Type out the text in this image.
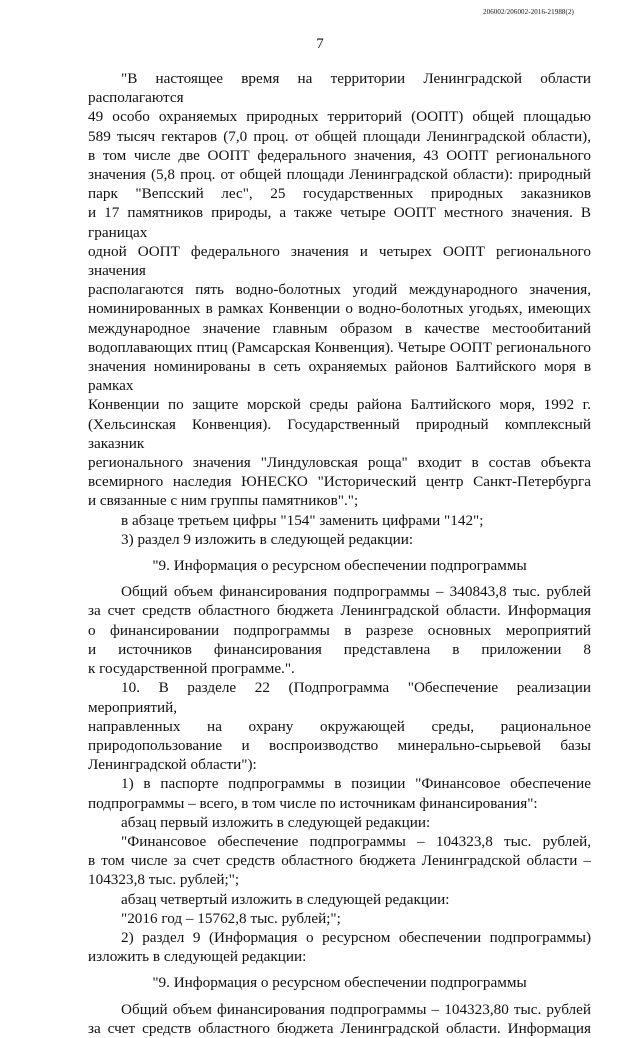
206002/206002-2016-21988(2)
7

"В настоящее время на территории Ленинградской области располагаются

49 особо охраняемых природных территорий (ООПТ) общей площадью

589 тысяч гектаров (7,0 проц. от общей площади Ленинградской области),

в том числе две ООПТ федерального значения, 43 ООПТ регионального

значения (5,8 проц. от общей площади Ленинградской области): природный

парк "Вепсский лес", 25 государственных природных заказников

и 17 памятников природы, а также четыре ООПТ местного значения. В границах

одной ООПТ федерального значения и четырех ООПТ регионального значения

располагаются пять водно-болотных угодий международного значения,

номинированных в рамках Конвенции о водно-болотных угодьях, имеющих

международное значение главным образом в качестве местообитаний

водоплавающих птиц (Рамсарская Конвенция). Четыре ООПТ регионального

значения номинированы в сеть охраняемых районов Балтийского моря в рамках

Конвенции по защите морской среды района Балтийского моря, 1992 г.

(Хельсинская Конвенция). Государственный природный комплексный заказник

регионального значения "Линдуловская роща" входит в состав объекта

всемирного наследия ЮНЕСКО "Исторический центр Санкт-Петербурга

и связанные с ним группы памятников".";

в абзаце третьем цифры "154" заменить цифрами "142";

3) раздел 9 изложить в следующей редакции:

"9. Информация о ресурсном обеспечении подпрограммы

Общий объем финансирования подпрограммы – 340843,8 тыс. рублей

за счет средств областного бюджета Ленинградской области. Информация

о финансировании подпрограммы в разрезе основных мероприятий

и источников финансирования представлена в приложении 8

к государственной программе.".

10. В разделе 22 (Подпрограмма "Обеспечение реализации мероприятий,

направленных на охрану окружающей среды, рациональное

природопользование и воспроизводство минерально-сырьевой базы

Ленинградской области"):

1) в паспорте подпрограммы в позиции "Финансовое обеспечение

подпрограммы – всего, в том числе по источникам финансирования":

абзац первый изложить в следующей редакции:

"Финансовое обеспечение подпрограммы – 104323,8 тыс. рублей,

в том числе за счет средств областного бюджета Ленинградской области –

104323,8 тыс. рублей;";

абзац четвертый изложить в следующей редакции:

"2016 год – 15762,8 тыс. рублей;";

2) раздел 9 (Информация о ресурсном обеспечении подпрограммы)

изложить в следующей редакции:

"9. Информация о ресурсном обеспечении подпрограммы

Общий объем финансирования подпрограммы – 104323,80 тыс. рублей

за счет средств областного бюджета Ленинградской области. Информация
